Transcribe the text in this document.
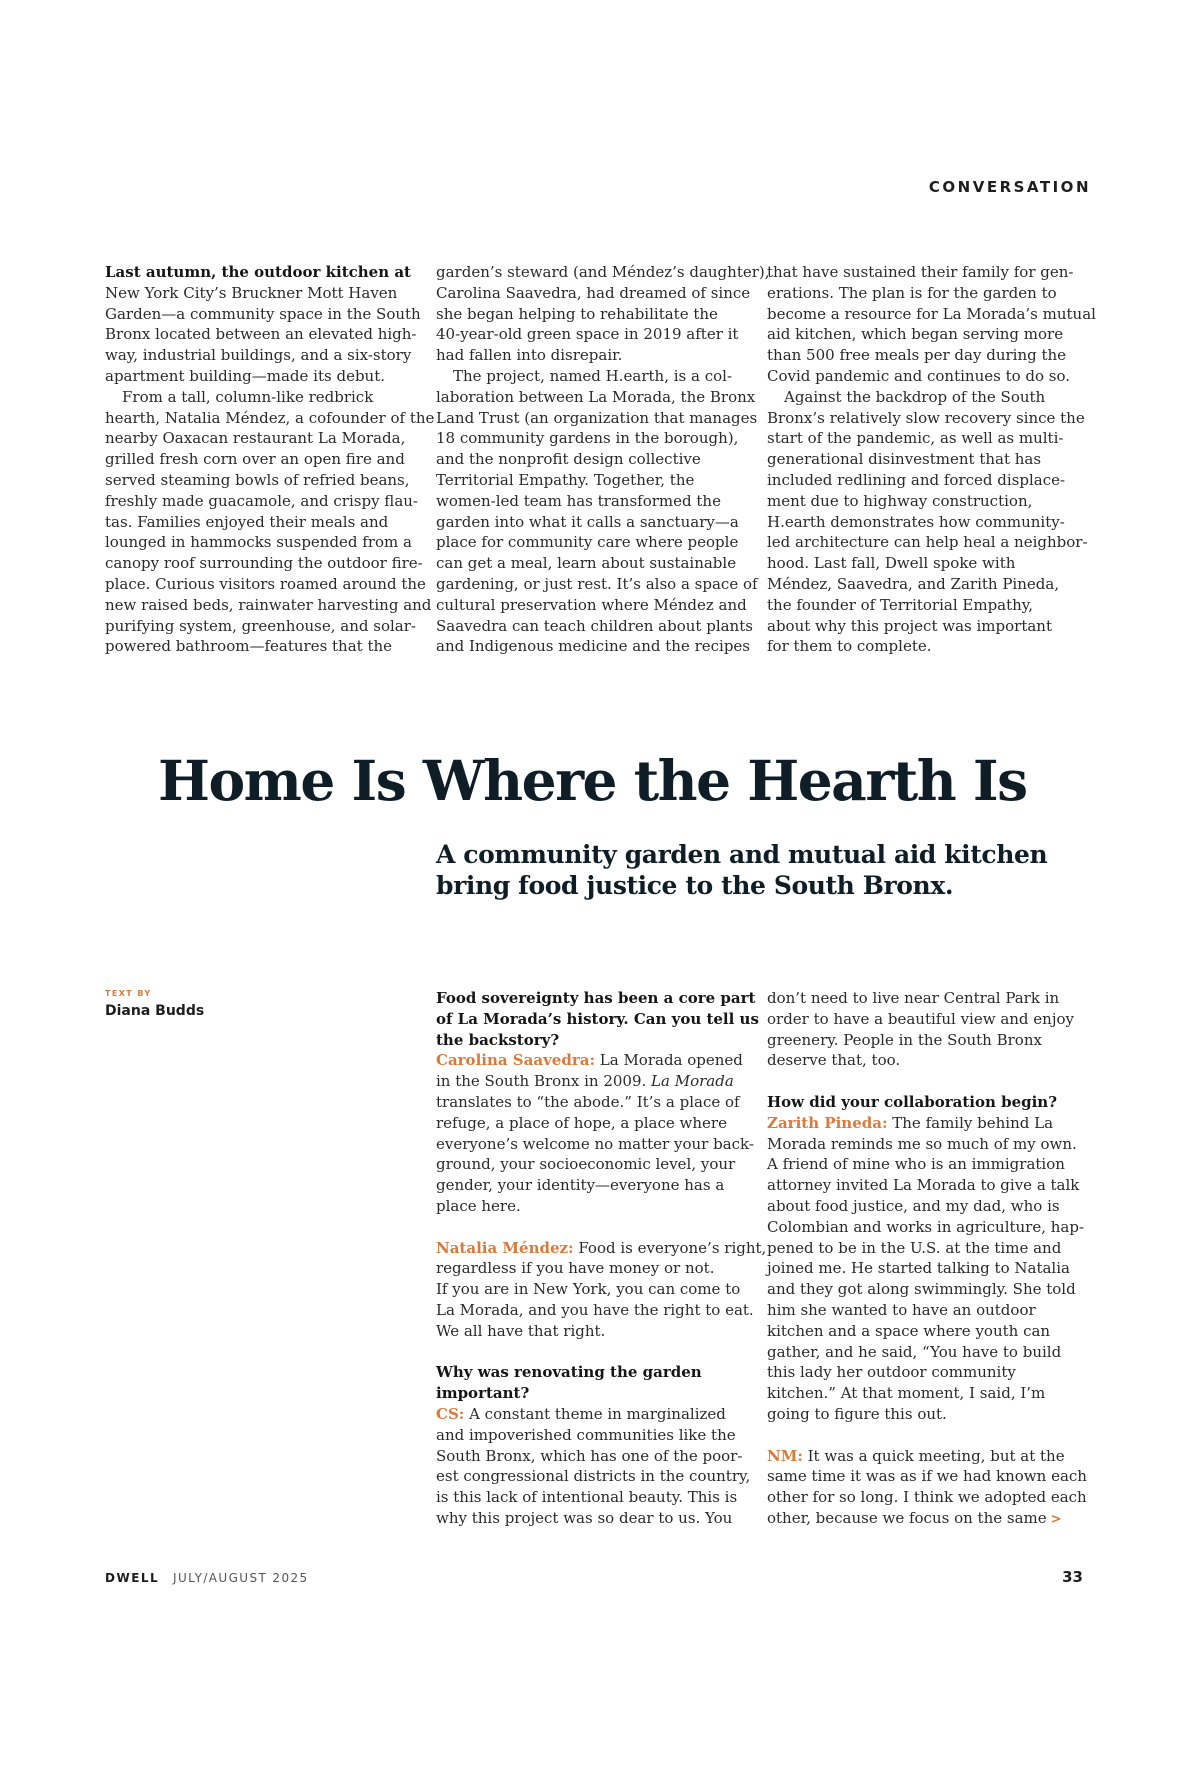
CONVERSATION
Last autumn, the outdoor kitchen at
New York City’s Bruckner Mott Haven
Garden—a community space in the South
Bronx located between an elevated high-
way, industrial buildings, and a six-story
apartment building—made its debut.
From a tall, column-like redbrick
hearth, Natalia Méndez, a cofounder of the
nearby Oaxacan restaurant La Morada,
grilled fresh corn over an open fire and
served steaming bowls of refried beans,
freshly made guacamole, and crispy flau-
tas. Families enjoyed their meals and
lounged in hammocks suspended from a
canopy roof surrounding the outdoor fire-
place. Curious visitors roamed around the
new raised beds, rainwater harvesting and
purifying system, greenhouse, and solar-
powered bathroom—features that the
garden’s steward (and Méndez’s daughter),
Carolina Saavedra, had dreamed of since
she began helping to rehabilitate the
40-year-old green space in 2019 after it
had fallen into disrepair.
The project, named H.earth, is a col-
laboration between La Morada, the Bronx
Land Trust (an organization that manages
18 community gardens in the borough),
and the nonprofit design collective
Territorial Empathy. Together, the
women-led team has transformed the
garden into what it calls a sanctuary—a
place for community care where people
can get a meal, learn about sustainable
gardening, or just rest. It’s also a space of
cultural preservation where Méndez and
Saavedra can teach children about plants
and Indigenous medicine and the recipes
that have sustained their family for gen-
erations. The plan is for the garden to
become a resource for La Morada’s mutual
aid kitchen, which began serving more
than 500 free meals per day during the
Covid pandemic and continues to do so.
Against the backdrop of the South
Bronx’s relatively slow recovery since the
start of the pandemic, as well as multi-
generational disinvestment that has
included redlining and forced displace-
ment due to highway construction,
H.earth demonstrates how community-
led architecture can help heal a neighbor-
hood. Last fall, Dwell spoke with
Méndez, Saavedra, and Zarith Pineda,
the founder of Territorial Empathy,
about why this project was important
for them to complete.
Home Is Where the Hearth Is
A community garden and mutual aid kitchen
bring food justice to the South Bronx.
TEXT BY
Diana Budds
Food sovereignty has been a core part
of La Morada’s history. Can you tell us
the backstory?
Carolina Saavedra: La Morada opened
in the South Bronx in 2009. La Morada
translates to “the abode.” It’s a place of
refuge, a place of hope, a place where
everyone’s welcome no matter your back-
ground, your socioeconomic level, your
gender, your identity—everyone has a
place here.
Natalia Méndez: Food is everyone’s right,
regardless if you have money or not.
If you are in New York, you can come to
La Morada, and you have the right to eat.
We all have that right.
Why was renovating the garden
important?
CS: A constant theme in marginalized
and impoverished communities like the
South Bronx, which has one of the poor-
est congressional districts in the country,
is this lack of intentional beauty. This is
why this project was so dear to us. You
don’t need to live near Central Park in
order to have a beautiful view and enjoy
greenery. People in the South Bronx
deserve that, too.
How did your collaboration begin?
Zarith Pineda: The family behind La
Morada reminds me so much of my own.
A friend of mine who is an immigration
attorney invited La Morada to give a talk
about food justice, and my dad, who is
Colombian and works in agriculture, hap-
pened to be in the U.S. at the time and
joined me. He started talking to Natalia
and they got along swimmingly. She told
him she wanted to have an outdoor
kitchen and a space where youth can
gather, and he said, “You have to build
this lady her outdoor community
kitchen.” At that moment, I said, I’m
going to figure this out.
NM: It was a quick meeting, but at the
same time it was as if we had known each
other for so long. I think we adopted each
other, because we focus on the same >
DWELL JULY/AUGUST 2025	33
